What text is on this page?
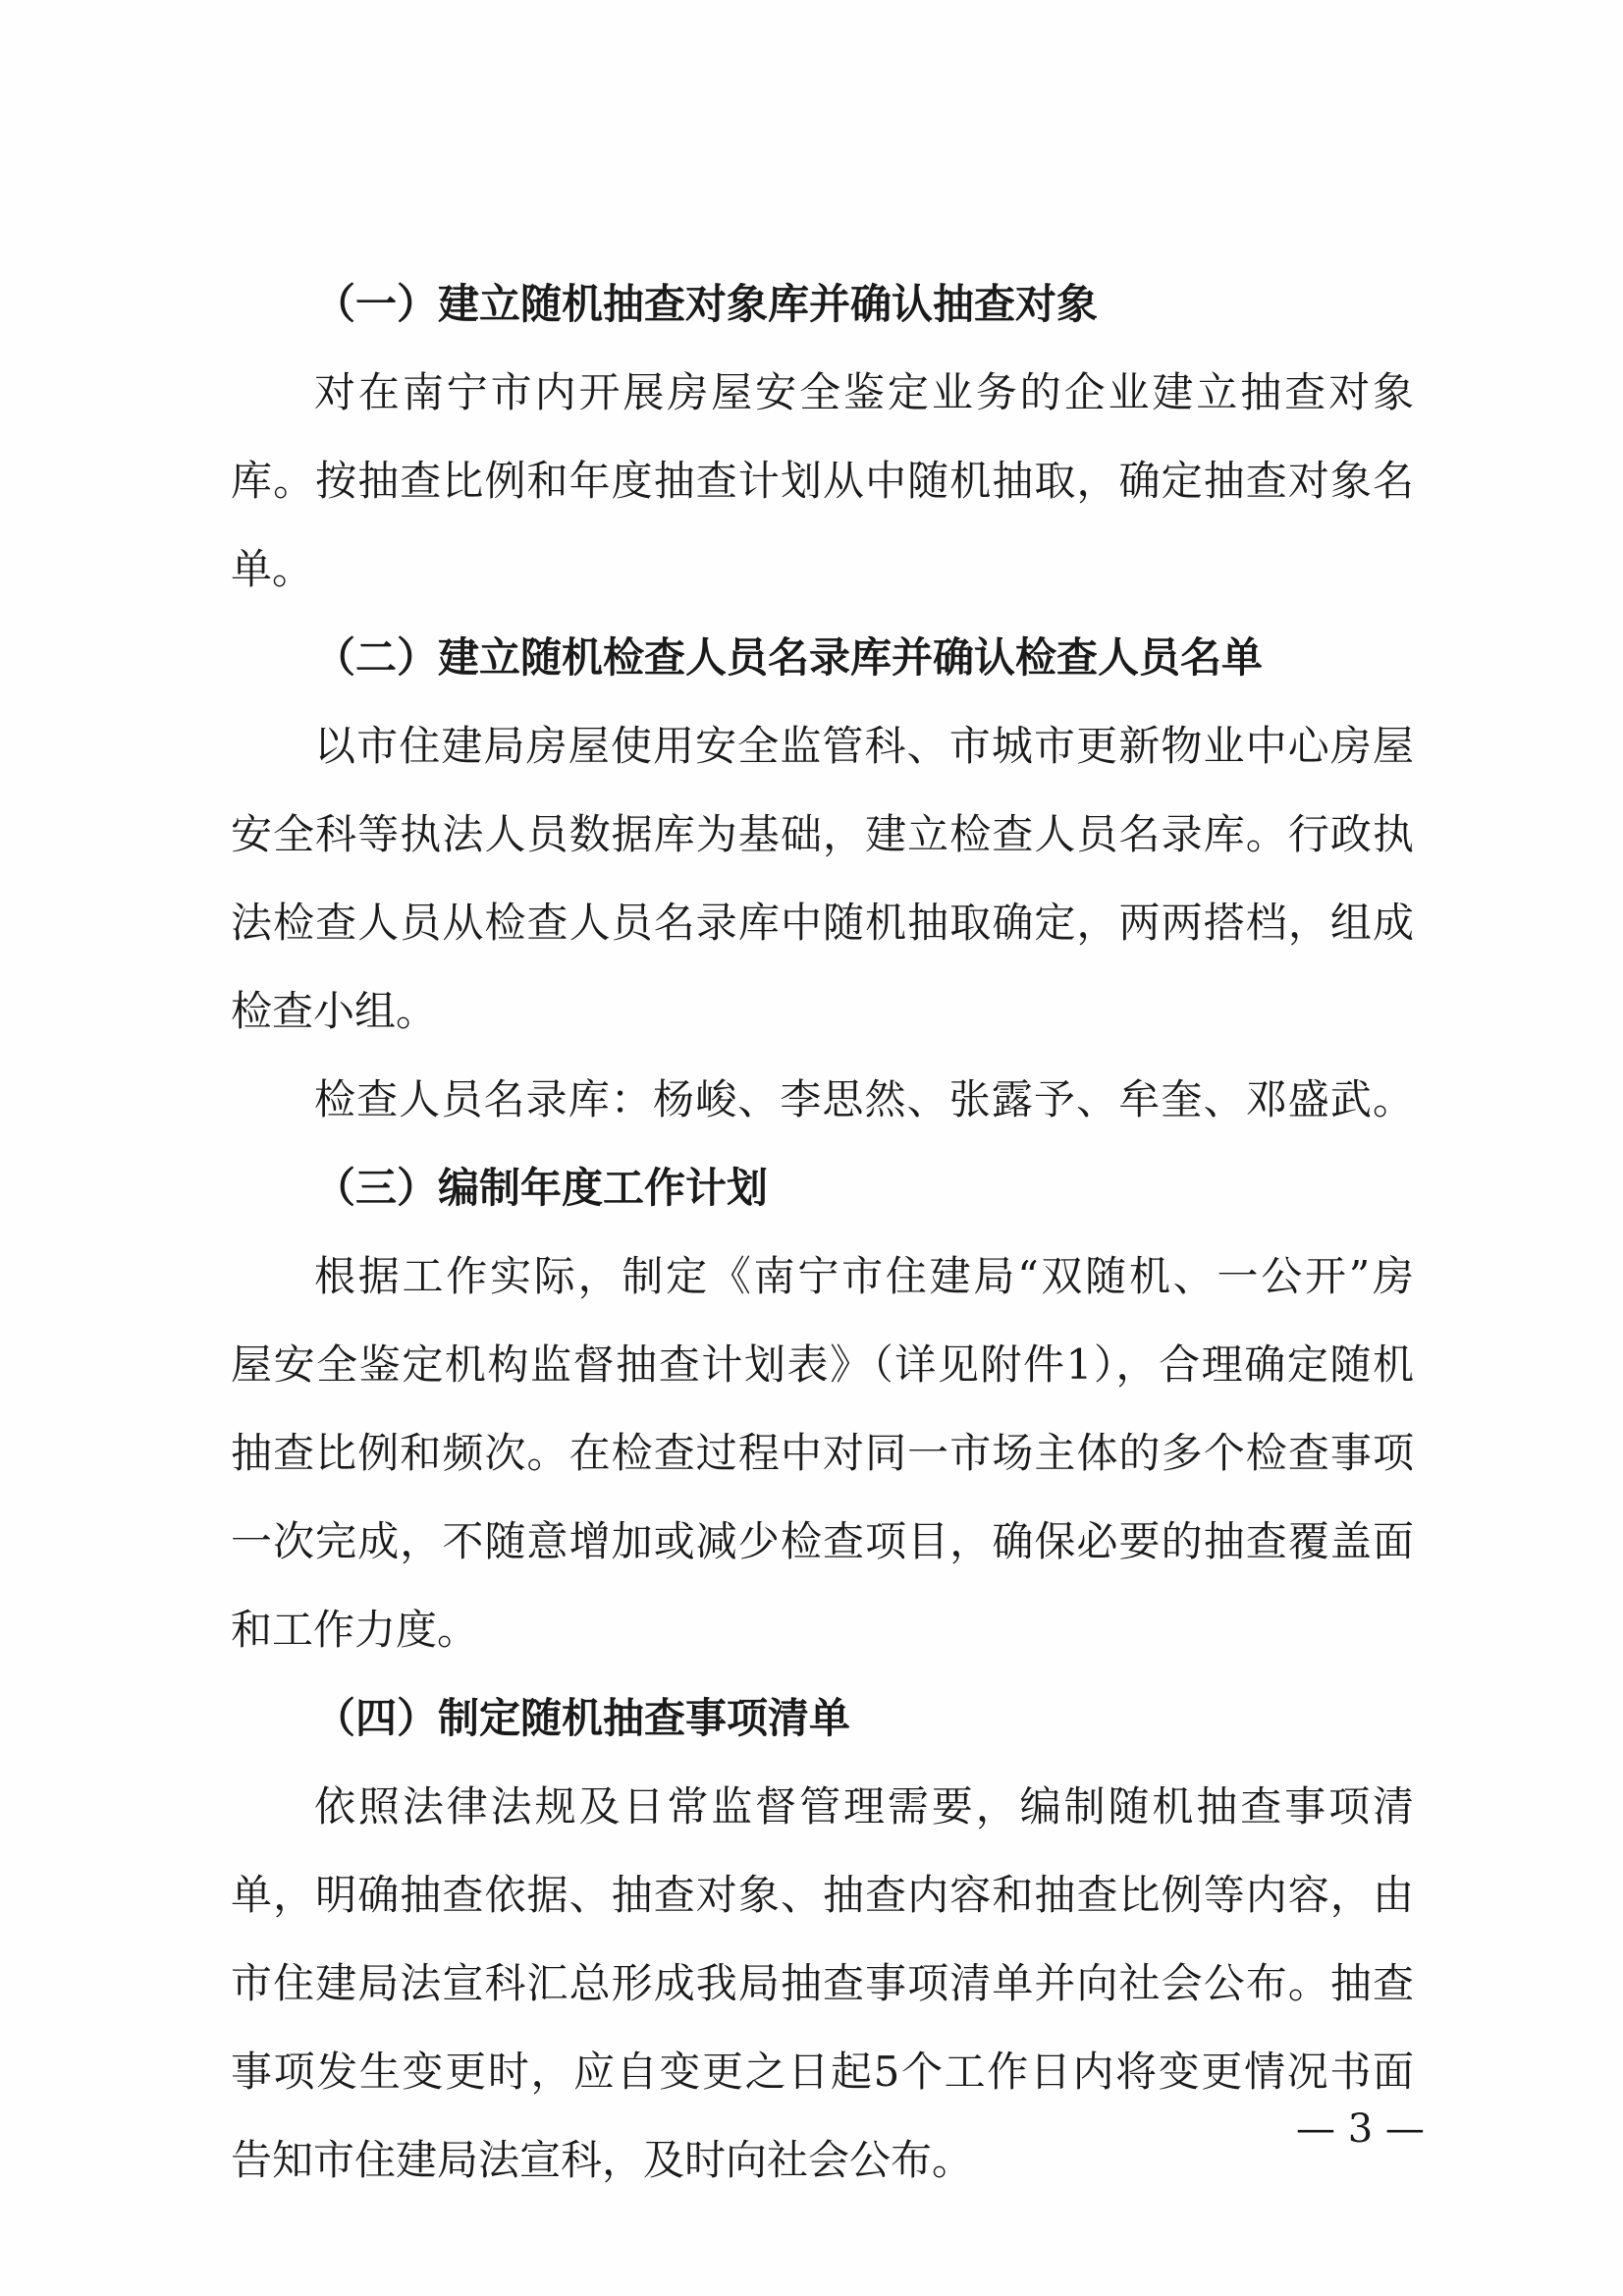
（一）建立随机抽查对象库并确认抽查对象
对在南宁市内开展房屋安全鉴定业务的企业建立抽查对象
库。按抽查比例和年度抽查计划从中随机抽取，确定抽查对象名
单。
（二）建立随机检查人员名录库并确认检查人员名单
以市住建局房屋使用安全监管科、市城市更新物业中心房屋
安全科等执法人员数据库为基础，建立检查人员名录库。行政执
法检查人员从检查人员名录库中随机抽取确定，两两搭档，组成
检查小组。
检查人员名录库：杨峻、李思然、张露予、牟奎、邓盛武。
（三）编制年度工作计划
根据工作实际，制定《南宁市住建局“双随机、一公开”房
屋安全鉴定机构监督抽查计划表》（详见附件1），合理确定随机
抽查比例和频次。在检查过程中对同一市场主体的多个检查事项
一次完成，不随意增加或减少检查项目，确保必要的抽查覆盖面
和工作力度。
（四）制定随机抽查事项清单
依照法律法规及日常监督管理需要，编制随机抽查事项清
单，明确抽查依据、抽查对象、抽查内容和抽查比例等内容，由
市住建局法宣科汇总形成我局抽查事项清单并向社会公布。抽查
事项发生变更时，应自变更之日起5个工作日内将变更情况书面
告知市住建局法宣科，及时向社会公布。
— 3 —
